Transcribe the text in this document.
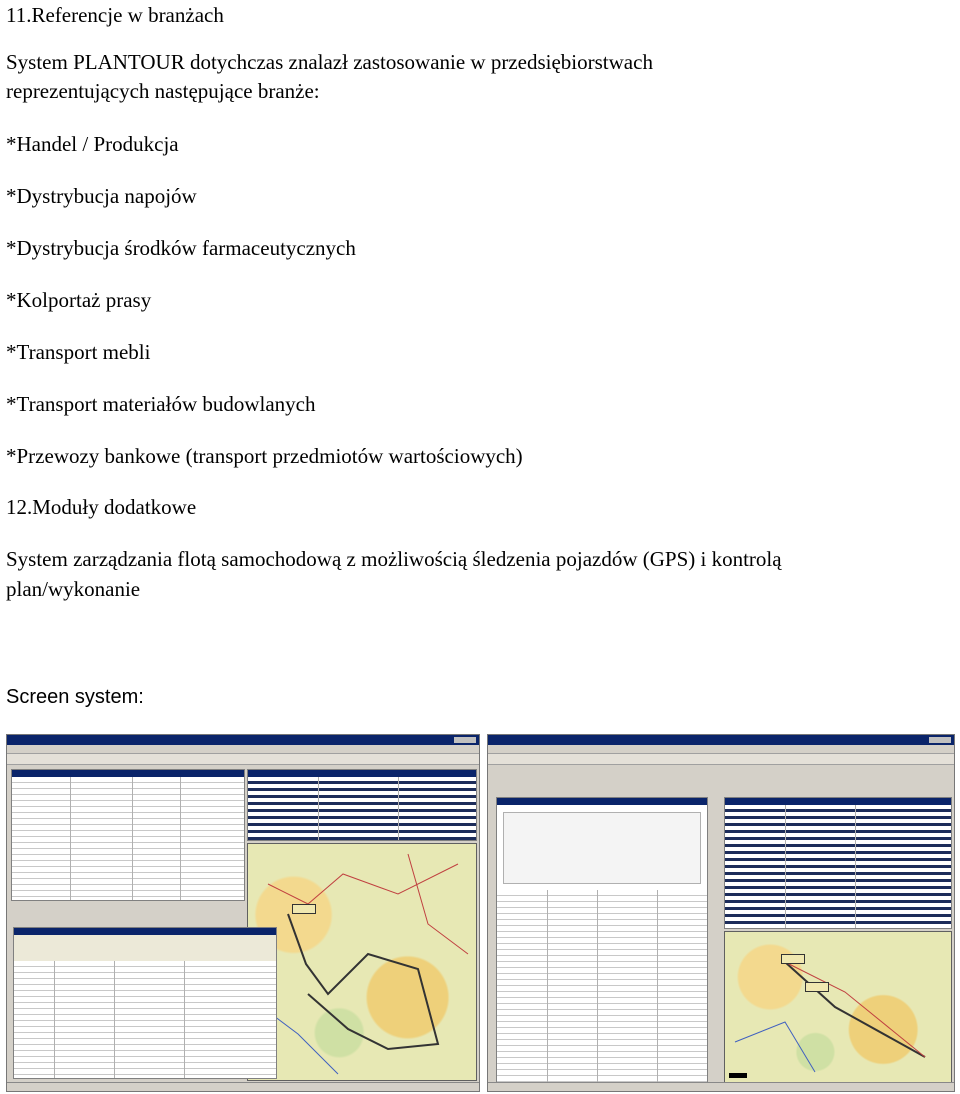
11.Referencje w branżach

System PLANTOUR dotychczas znalazł zastosowanie w przedsiębiorstwach

reprezentujących następujące branże:

*Handel / Produkcja

*Dystrybucja napojów

*Dystrybucja środków farmaceutycznych

*Kolportaż prasy

*Transport mebli

*Transport materiałów budowlanych

*Przewozy bankowe (transport przedmiotów wartościowych)

12.Moduły dodatkowe

System zarządzania flotą samochodową z możliwością śledzenia pojazdów (GPS) i kontrolą

plan/wykonanie

Screen system:
